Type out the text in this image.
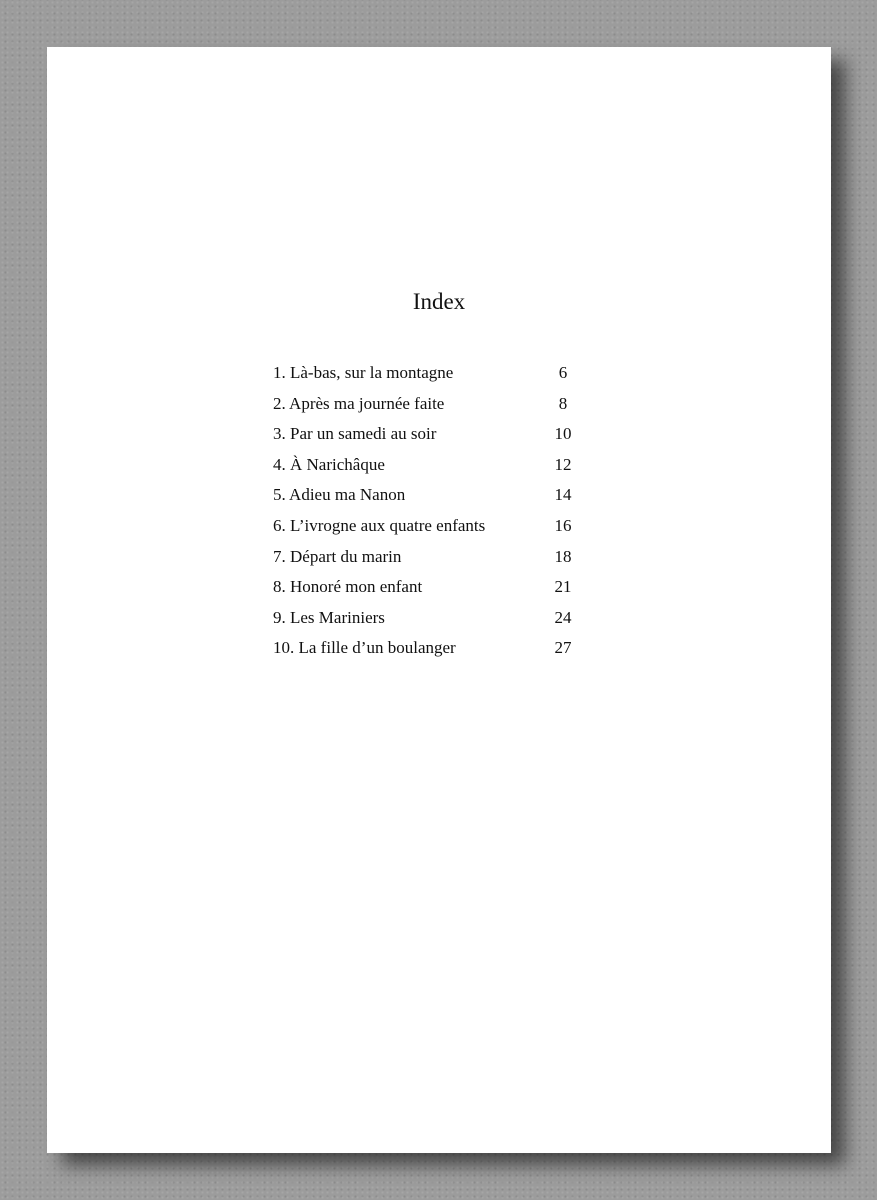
Index
1. Là-bas, sur la montagne	6
2. Après ma journée faite	8
3. Par un samedi au soir	10
4. À Narichâque	12
5. Adieu ma Nanon	14
6. L’ivrogne aux quatre enfants	16
7. Départ du marin	18
8. Honoré mon enfant	21
9. Les Mariniers	24
10. La fille d’un boulanger	27
